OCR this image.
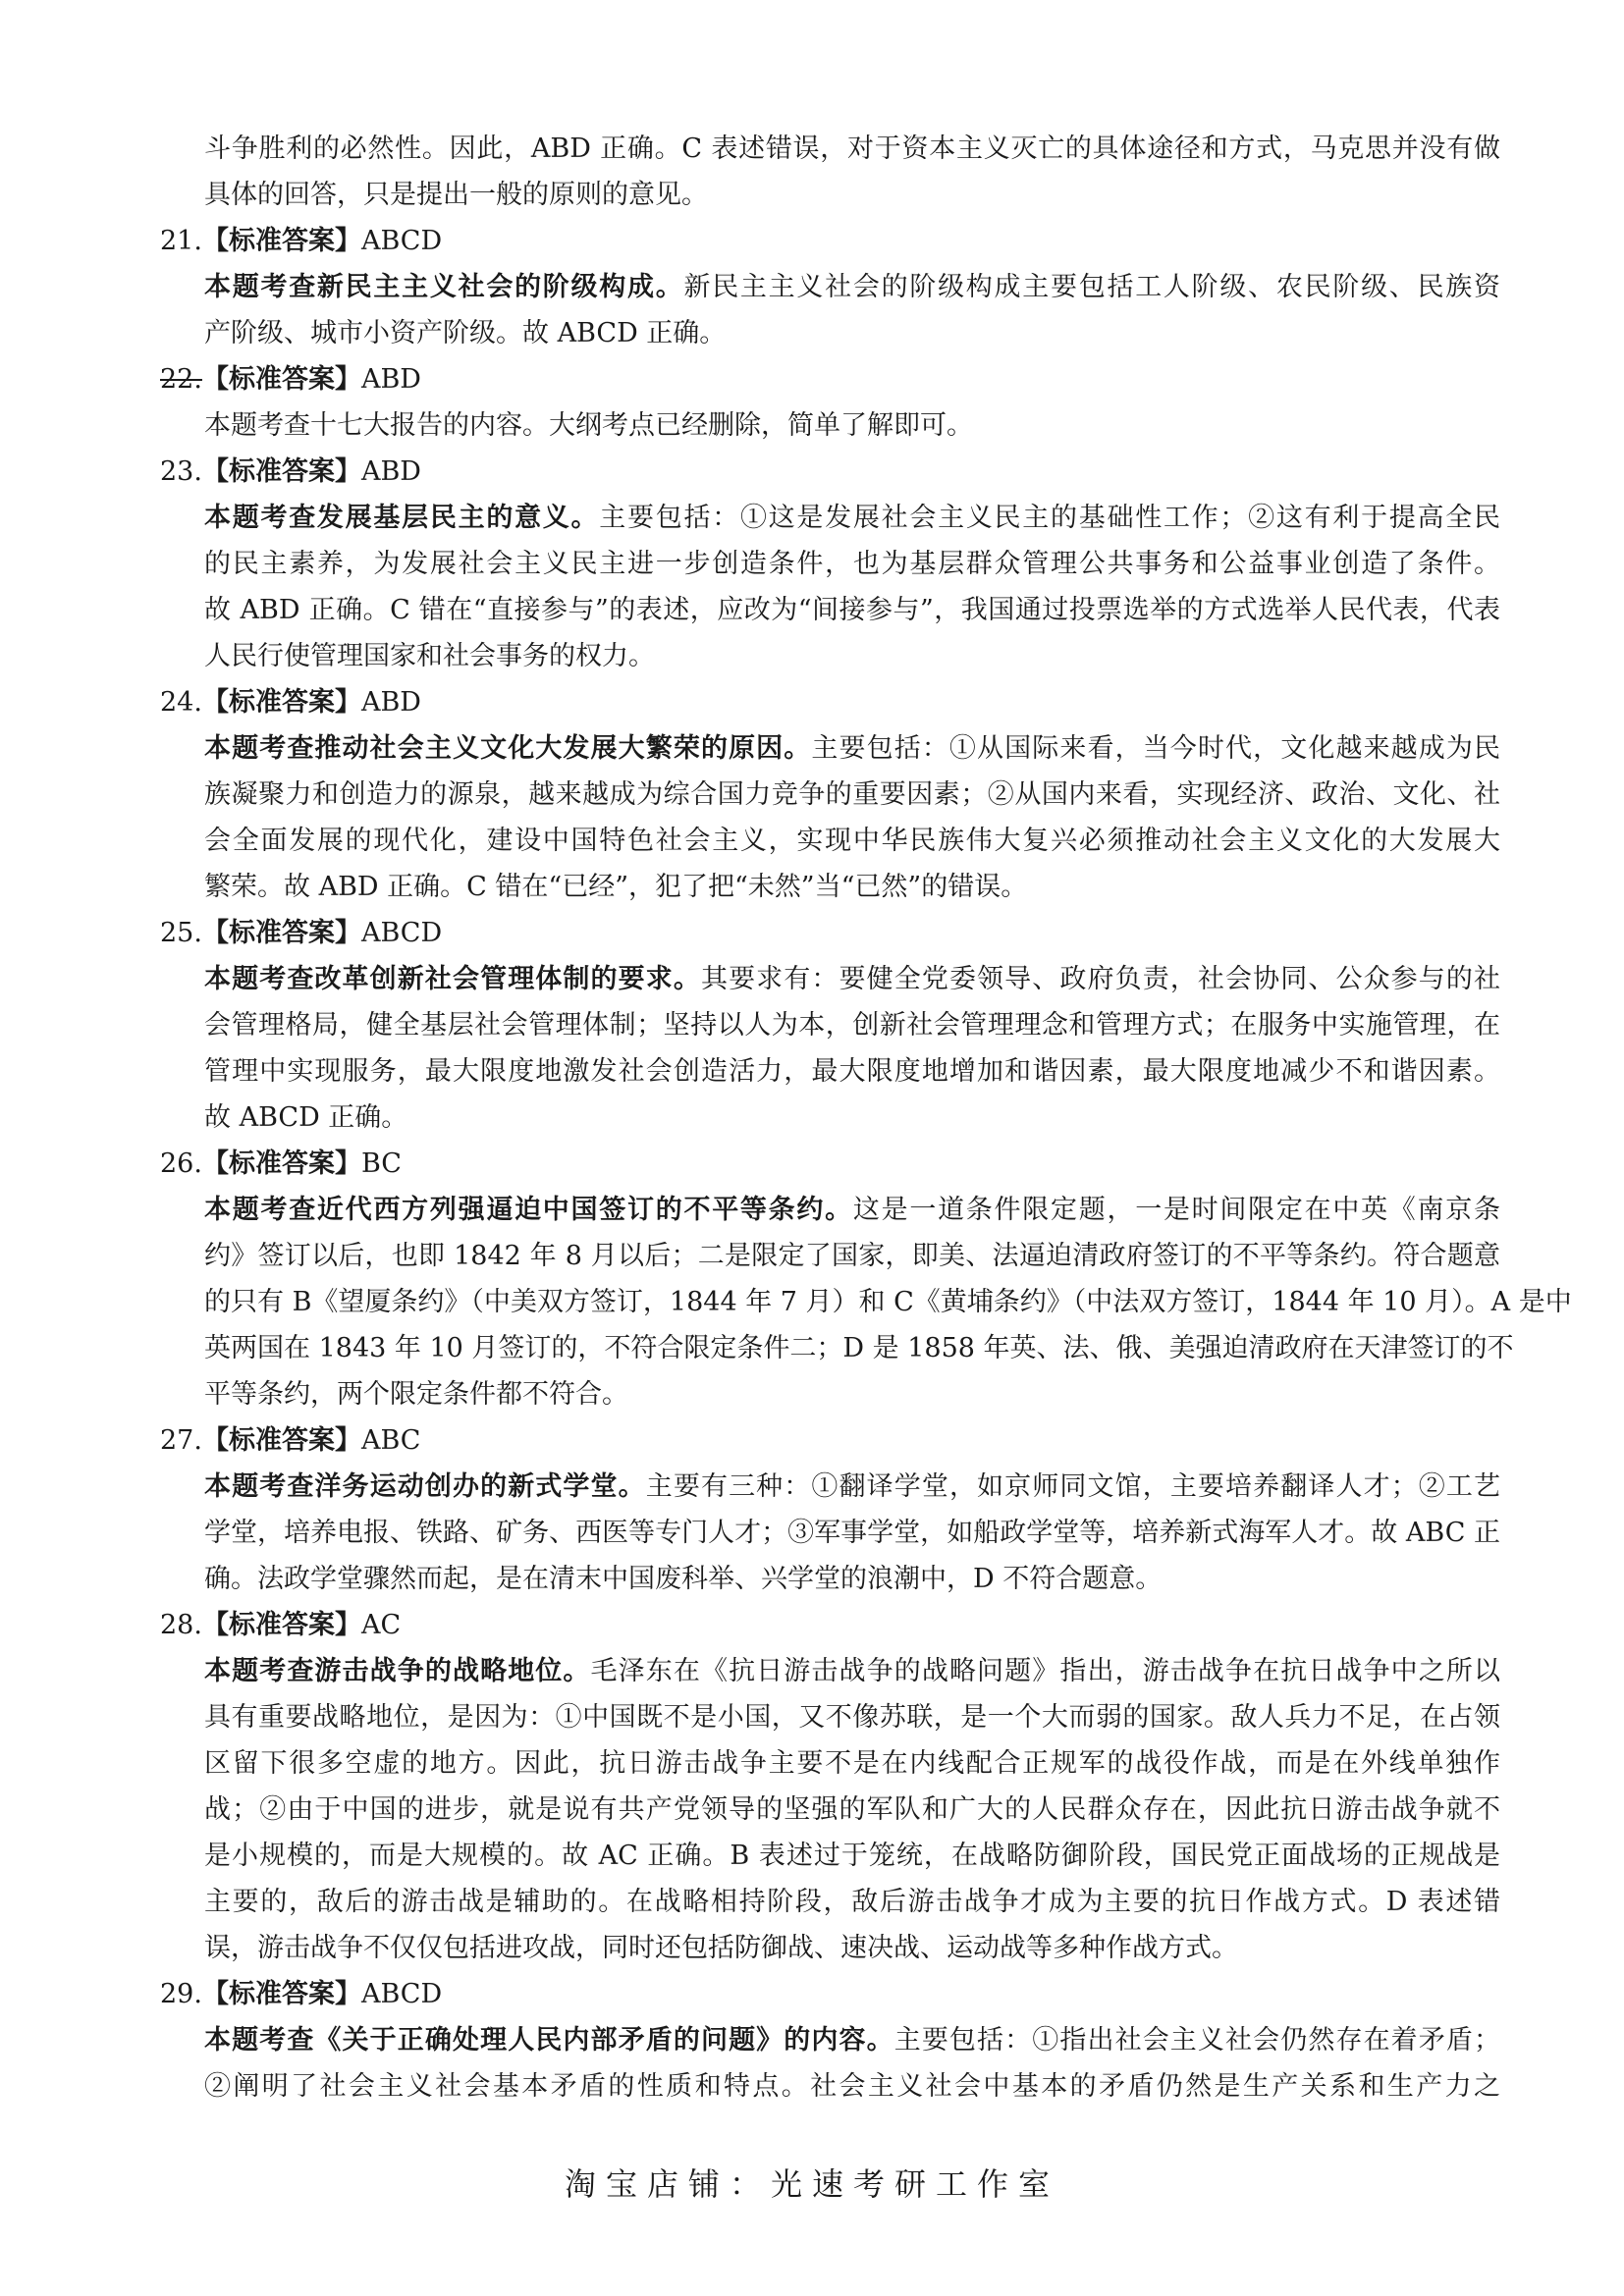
斗争胜利的必然性。因此，ABD 正确。C 表述错误，对于资本主义灭亡的具体途径和方式，马克思并没有做
具体的回答，只是提出一般的原则的意见。
21.【标准答案】ABCD
本题考查新民主主义社会的阶级构成。新民主主义社会的阶级构成主要包括工人阶级、农民阶级、民族资
产阶级、城市小资产阶级。故 ABCD 正确。
22.【标准答案】ABD
本题考查十七大报告的内容。大纲考点已经删除，简单了解即可。
23.【标准答案】ABD
本题考查发展基层民主的意义。主要包括：①这是发展社会主义民主的基础性工作；②这有利于提高全民
的民主素养，为发展社会主义民主进一步创造条件，也为基层群众管理公共事务和公益事业创造了条件。
故 ABD 正确。C 错在“直接参与”的表述，应改为“间接参与”，我国通过投票选举的方式选举人民代表，代表
人民行使管理国家和社会事务的权力。
24.【标准答案】ABD
本题考查推动社会主义文化大发展大繁荣的原因。主要包括：①从国际来看，当今时代，文化越来越成为民
族凝聚力和创造力的源泉，越来越成为综合国力竞争的重要因素；②从国内来看，实现经济、政治、文化、社
会全面发展的现代化，建设中国特色社会主义，实现中华民族伟大复兴必须推动社会主义文化的大发展大
繁荣。故 ABD 正确。C 错在“已经”，犯了把“未然”当“已然”的错误。
25.【标准答案】ABCD
本题考查改革创新社会管理体制的要求。其要求有：要健全党委领导、政府负责，社会协同、公众参与的社
会管理格局，健全基层社会管理体制；坚持以人为本，创新社会管理理念和管理方式；在服务中实施管理，在
管理中实现服务，最大限度地激发社会创造活力，最大限度地增加和谐因素，最大限度地减少不和谐因素。
故 ABCD 正确。
26.【标准答案】BC
本题考查近代西方列强逼迫中国签订的不平等条约。这是一道条件限定题，一是时间限定在中英《南京条
约》签订以后，也即 1842 年 8 月以后；二是限定了国家，即美、法逼迫清政府签订的不平等条约。符合题意
的只有 B《望厦条约》（中美双方签订，1844 年 7 月）和 C《黄埔条约》（中法双方签订，1844 年 10 月）。A 是中
英两国在 1843 年 10 月签订的，不符合限定条件二；D 是 1858 年英、法、俄、美强迫清政府在天津签订的不
平等条约，两个限定条件都不符合。
27.【标准答案】ABC
本题考查洋务运动创办的新式学堂。主要有三种：①翻译学堂，如京师同文馆，主要培养翻译人才；②工艺
学堂，培养电报、铁路、矿务、西医等专门人才；③军事学堂，如船政学堂等，培养新式海军人才。故 ABC 正
确。法政学堂骤然而起，是在清末中国废科举、兴学堂的浪潮中，D 不符合题意。
28.【标准答案】AC
本题考查游击战争的战略地位。毛泽东在《抗日游击战争的战略问题》指出，游击战争在抗日战争中之所以
具有重要战略地位，是因为：①中国既不是小国，又不像苏联，是一个大而弱的国家。敌人兵力不足，在占领
区留下很多空虚的地方。因此，抗日游击战争主要不是在内线配合正规军的战役作战，而是在外线单独作
战；②由于中国的进步，就是说有共产党领导的坚强的军队和广大的人民群众存在，因此抗日游击战争就不
是小规模的，而是大规模的。故 AC 正确。B 表述过于笼统，在战略防御阶段，国民党正面战场的正规战是
主要的，敌后的游击战是辅助的。在战略相持阶段，敌后游击战争才成为主要的抗日作战方式。D 表述错
误，游击战争不仅仅包括进攻战，同时还包括防御战、速决战、运动战等多种作战方式。
29.【标准答案】ABCD
本题考查《关于正确处理人民内部矛盾的问题》的内容。主要包括：①指出社会主义社会仍然存在着矛盾；
②阐明了社会主义社会基本矛盾的性质和特点。社会主义社会中基本的矛盾仍然是生产关系和生产力之
淘宝店铺：光速考研工作室
